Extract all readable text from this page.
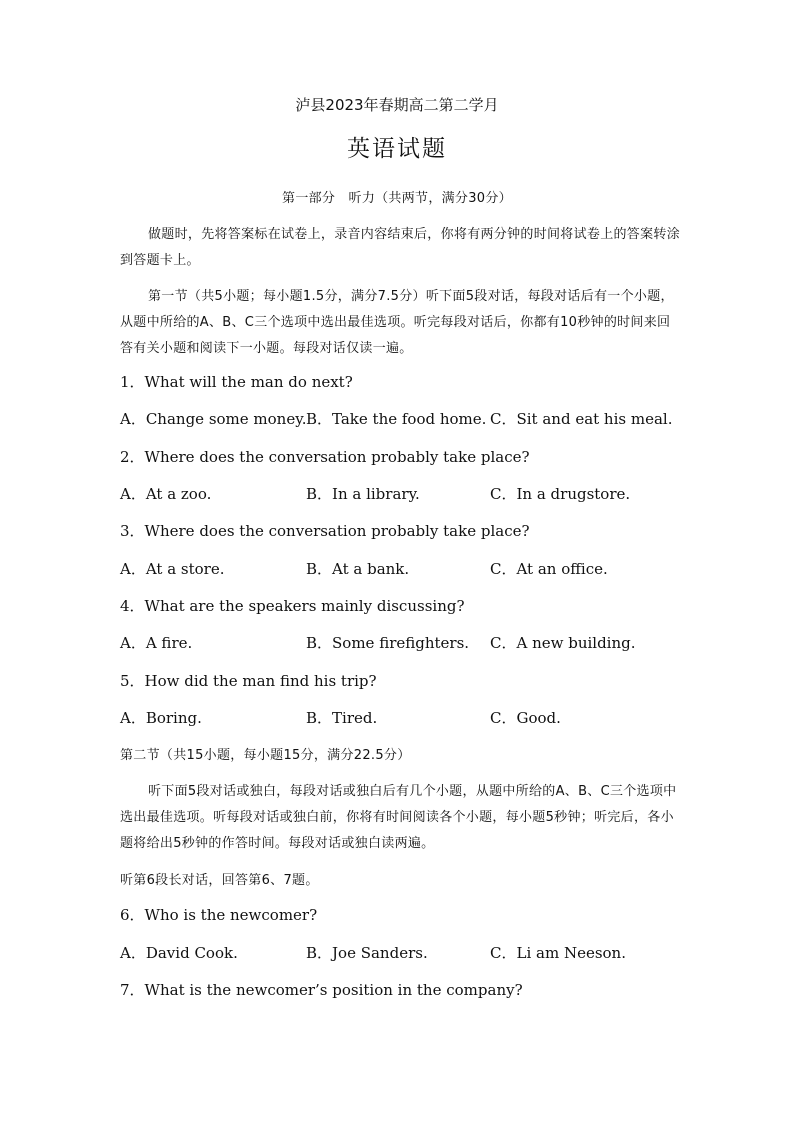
泸县2023年春期高二第二学月
英语试题
第一部分　听力（共两节，满分30分）
做题时，先将答案标在试卷上，录音内容结束后，你将有两分钟的时间将试卷上的答案转涂到答题卡上。
第一节（共5小题；每小题1.5分，满分7.5分）听下面5段对话，每段对话后有一个小题，从题中所给的A、B、C三个选项中选出最佳选项。听完每段对话后，你都有10秒钟的时间来回答有关小题和阅读下一小题。每段对话仅读一遍。
1．What will the man do next?
A．Change some money. B．Take the food home. C．Sit and eat his meal.
2．Where does the conversation probably take place?
A．At a zoo.	B．In a library.	C．In a drugstore.
3．Where does the conversation probably take place?
A．At a store.	B．At a bank.	C．At an office.
4．What are the speakers mainly discussing?
A．A fire.	B．Some firefighters. C．A new building.
5．How did the man find his trip?
A．Boring.	B．Tired.	C．Good.
第二节（共15小题，每小题15分，满分22.5分）
听下面5段对话或独白，每段对话或独白后有几个小题，从题中所给的A、B、C三个选项中选出最佳选项。听每段对话或独白前，你将有时间阅读各个小题，每小题5秒钟；听完后，各小题将给出5秒钟的作答时间。每段对话或独白读两遍。
听第6段长对话，回答第6、7题。
6．Who is the newcomer?
A．David Cook.	B．Joe Sanders.	C．Li am Neeson.
7．What is the newcomer’s position in the company?
